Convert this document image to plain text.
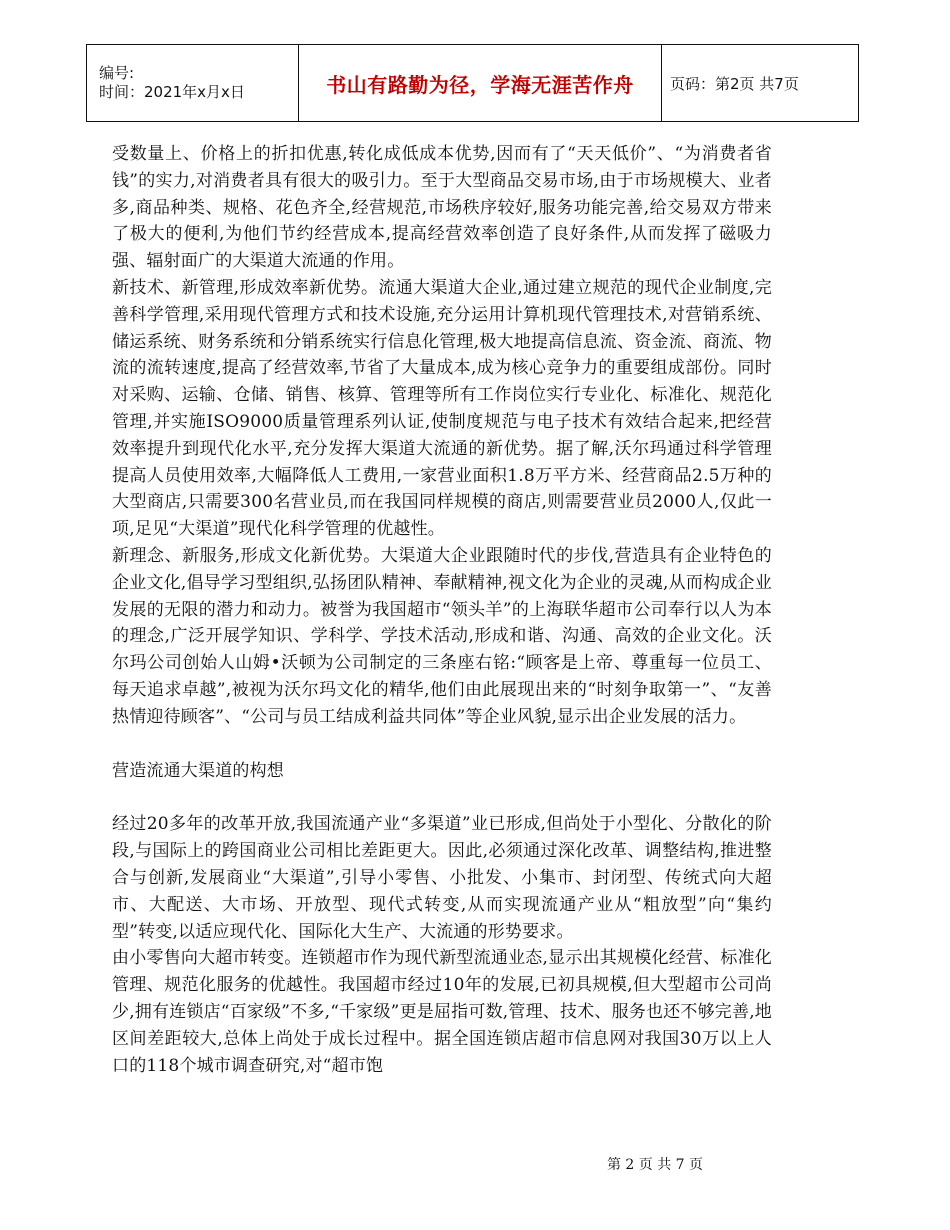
编号:
时间：2021年x月x日	书山有路勤为径，学海无涯苦作舟	页码：第2页 共7页

受数量上、价格上的折扣优惠,转化成低成本优势,因而有了“天天低价”、“为消费者省钱”的实力,对消费者具有很大的吸引力。至于大型商品交易市场,由于市场规模大、业者多,商品种类、规格、花色齐全,经营规范,市场秩序较好,服务功能完善,给交易双方带来了极大的便利,为他们节约经营成本,提高经营效率创造了良好条件,从而发挥了磁吸力强、辐射面广的大渠道大流通的作用。

新技术、新管理,形成效率新优势。流通大渠道大企业,通过建立规范的现代企业制度,完善科学管理,采用现代管理方式和技术设施,充分运用计算机现代管理技术,对营销系统、储运系统、财务系统和分销系统实行信息化管理,极大地提高信息流、资金流、商流、物流的流转速度,提高了经营效率,节省了大量成本,成为核心竞争力的重要组成部份。同时对采购、运输、仓储、销售、核算、管理等所有工作岗位实行专业化、标准化、规范化管理,并实施ISO9000质量管理系列认证,使制度规范与电子技术有效结合起来,把经营效率提升到现代化水平,充分发挥大渠道大流通的新优势。据了解,沃尔玛通过科学管理提高人员使用效率,大幅降低人工费用,一家营业面积1.8万平方米、经营商品2.5万种的大型商店,只需要300名营业员,而在我国同样规模的商店,则需要营业员2000人,仅此一项,足见“大渠道”现代化科学管理的优越性。

新理念、新服务,形成文化新优势。大渠道大企业跟随时代的步伐,营造具有企业特色的企业文化,倡导学习型组织,弘扬团队精神、奉献精神,视文化为企业的灵魂,从而构成企业发展的无限的潜力和动力。被誉为我国超市“领头羊”的上海联华超市公司奉行以人为本的理念,广泛开展学知识、学科学、学技术活动,形成和谐、沟通、高效的企业文化。沃尔玛公司创始人山姆•沃顿为公司制定的三条座右铭:“顾客是上帝、尊重每一位员工、每天追求卓越”,被视为沃尔玛文化的精华,他们由此展现出来的“时刻争取第一”、“友善热情迎待顾客”、“公司与员工结成利益共同体”等企业风貌,显示出企业发展的活力。

营造流通大渠道的构想

经过20多年的改革开放,我国流通产业“多渠道”业已形成,但尚处于小型化、分散化的阶段,与国际上的跨国商业公司相比差距更大。因此,必须通过深化改革、调整结构,推进整合与创新,发展商业“大渠道”,引导小零售、小批发、小集市、封闭型、传统式向大超市、大配送、大市场、开放型、现代式转变,从而实现流通产业从“粗放型”向“集约型”转变,以适应现代化、国际化大生产、大流通的形势要求。

由小零售向大超市转变。连锁超市作为现代新型流通业态,显示出其规模化经营、标准化管理、规范化服务的优越性。我国超市经过10年的发展,已初具规模,但大型超市公司尚少,拥有连锁店“百家级”不多,“千家级”更是屈指可数,管理、技术、服务也还不够完善,地区间差距较大,总体上尚处于成长过程中。据全国连锁店超市信息网对我国30万以上人口的118个城市调查研究,对“超市饱

第 2 页 共 7 页
